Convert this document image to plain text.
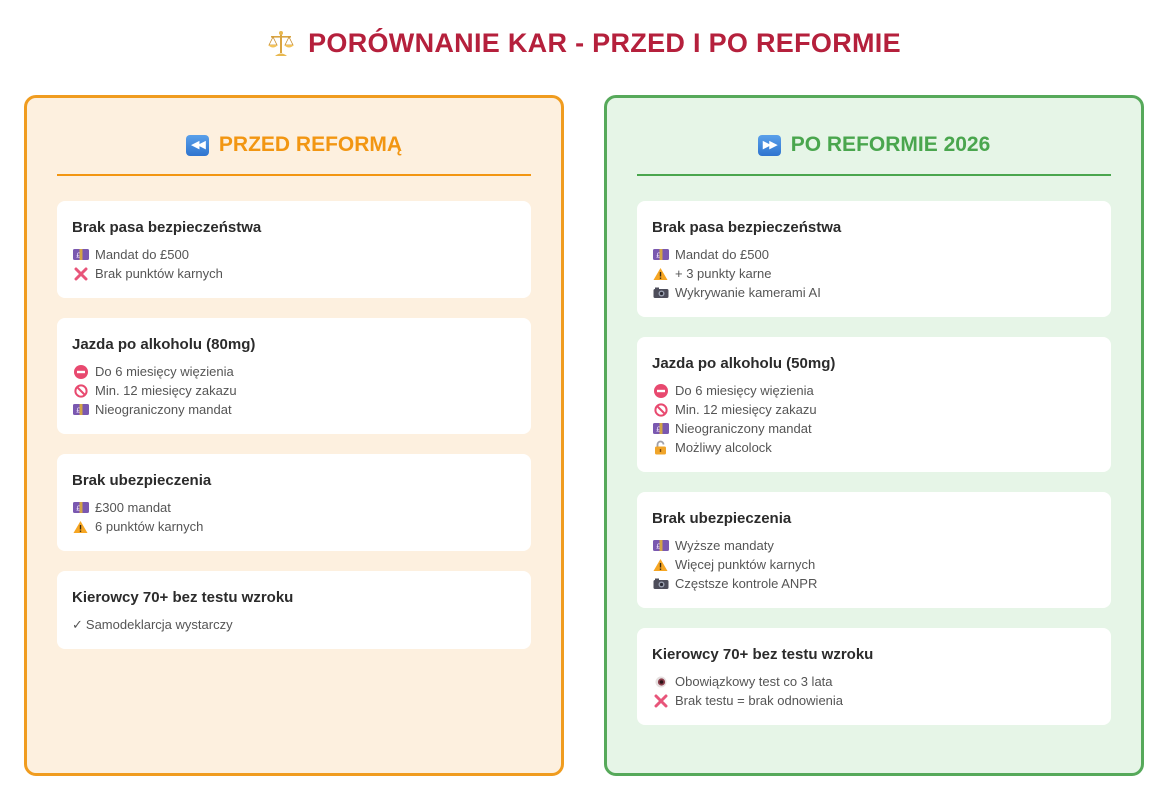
PORÓWNANIE KAR - PRZED I PO REFORMIE
◀◀ PRZED REFORMĄ
Brak pasa bezpieczeństwa
£ Mandat do £500
Brak punktów karnych
Jazda po alkoholu (80mg)
Do 6 miesięcy więzienia
Min. 12 miesięcy zakazu
£ Nieograniczony mandat
Brak ubezpieczenia
£ £300 mandat
6 punktów karnych
Kierowcy 70+ bez testu wzroku
✓ Samodeklarcja wystarczy
▶▶ PO REFORMIE 2026
Brak pasa bezpieczeństwa
£ Mandat do £500
+ 3 punkty karne
Wykrywanie kamerami AI
Jazda po alkoholu (50mg)
Do 6 miesięcy więzienia
Min. 12 miesięcy zakazu
£ Nieograniczony mandat
Możliwy alcolock
Brak ubezpieczenia
£ Wyższe mandaty
Więcej punktów karnych
Częstsze kontrole ANPR
Kierowcy 70+ bez testu wzroku
Obowiązkowy test co 3 lata
Brak testu = brak odnowienia
